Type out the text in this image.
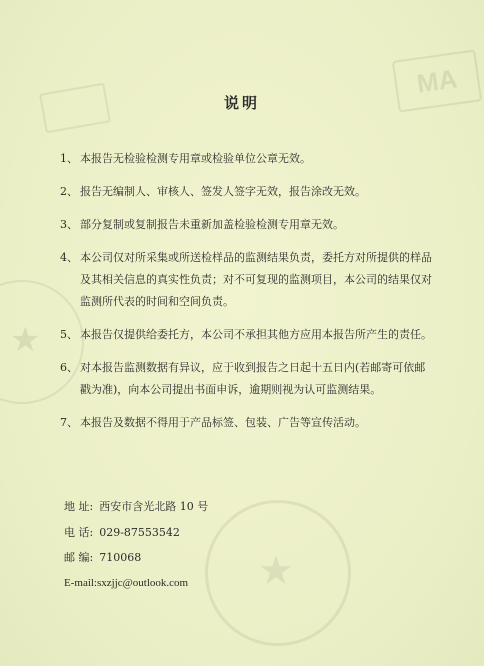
MA
★
★
说明
1、 本报告无检验检测专用章或检验单位公章无效。
2、 报告无编制人、审核人、签发人签字无效，报告涂改无效。
3、 部分复制或复制报告未重新加盖检验检测专用章无效。
4、 本公司仅对所采集或所送检样品的监测结果负责，委托方对所提供的样品及其相关信息的真实性负责；对不可复现的监测项目，本公司的结果仅对监测所代表的时间和空间负责。
5、 本报告仅提供给委托方，本公司不承担其他方应用本报告所产生的责任。
6、 对本报告监测数据有异议，应于收到报告之日起十五日内(若邮寄可依邮戳为准)，向本公司提出书面申诉，逾期则视为认可监测结果。
7、 本报告及数据不得用于产品标签、包装、广告等宣传活动。
地 址: 西安市含光北路 10 号
电 话: 029-87553542
邮 编: 710068
E-mail:sxzjjc@outlook.com
